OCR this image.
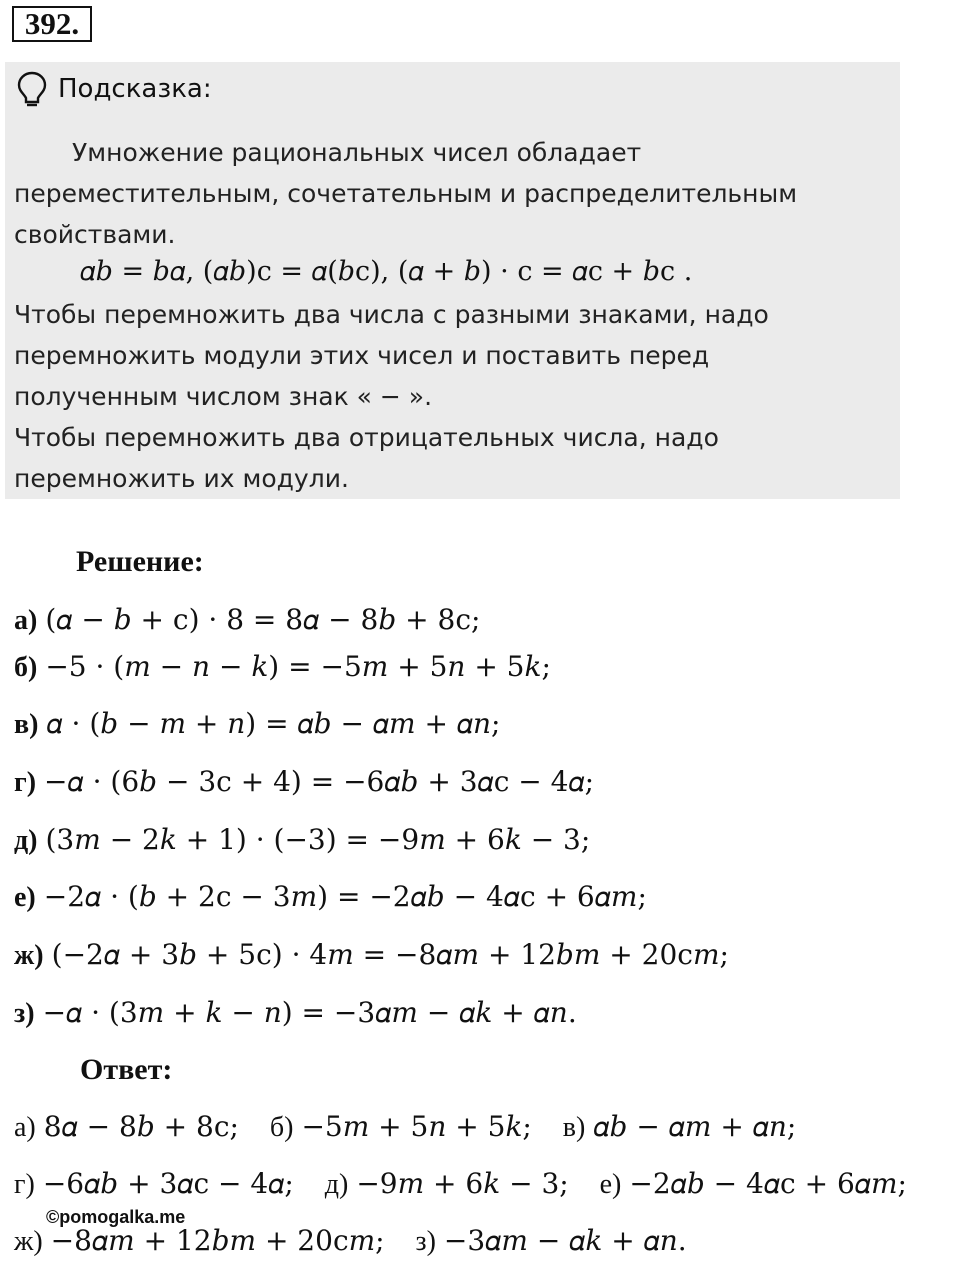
392.
Подсказка:
Умножение рациональных чисел обладает
переместительным, сочетательным и распределительным
свойствами.
𝛼𝑏 = 𝑏𝛼, (𝛼𝑏)c = 𝛼(𝑏c), (𝛼 + 𝑏) · c = 𝛼c + 𝑏c .
Чтобы перемножить два числа с разными знаками, надо
перемножить модули этих чисел и поставить перед
полученным числом знак « − ».
Чтобы перемножить два отрицательных числа, надо
перемножить их модули.
Решение:
а) (𝛼 − 𝑏 + c) · 8 = 8𝛼 − 8𝑏 + 8c;
б) −5 · (𝑚 − 𝑛 − 𝑘) = −5𝑚 + 5𝑛 + 5𝑘;
в) 𝛼 · (𝑏 − 𝑚 + 𝑛) = 𝛼𝑏 − 𝛼𝑚 + 𝛼𝑛;
г) −𝛼 · (6𝑏 − 3c + 4) = −6𝛼𝑏 + 3𝛼c − 4𝛼;
д) (3𝑚 − 2𝑘 + 1) · (−3) = −9𝑚 + 6𝑘 − 3;
е) −2𝛼 · (𝑏 + 2c − 3𝑚) = −2𝛼𝑏 − 4𝛼c + 6𝛼𝑚;
ж) (−2𝛼 + 3𝑏 + 5c) · 4𝑚 = −8𝛼𝑚 + 12𝑏𝑚 + 20c𝑚;
з) −𝛼 · (3𝑚 + 𝑘 − 𝑛) = −3𝛼𝑚 − 𝛼𝑘 + 𝛼𝑛.
Ответ:
а) 8𝛼 − 8𝑏 + 8c; б) −5𝑚 + 5𝑛 + 5𝑘; в) 𝛼𝑏 − 𝛼𝑚 + 𝛼𝑛;
г) −6𝛼𝑏 + 3𝛼c − 4𝛼; д) −9𝑚 + 6𝑘 − 3; е) −2𝛼𝑏 − 4𝛼c + 6𝛼𝑚;
ж) −8𝛼𝑚 + 12𝑏𝑚 + 20c𝑚; з) −3𝛼𝑚 − 𝛼𝑘 + 𝛼𝑛.
©pomogalka.me
